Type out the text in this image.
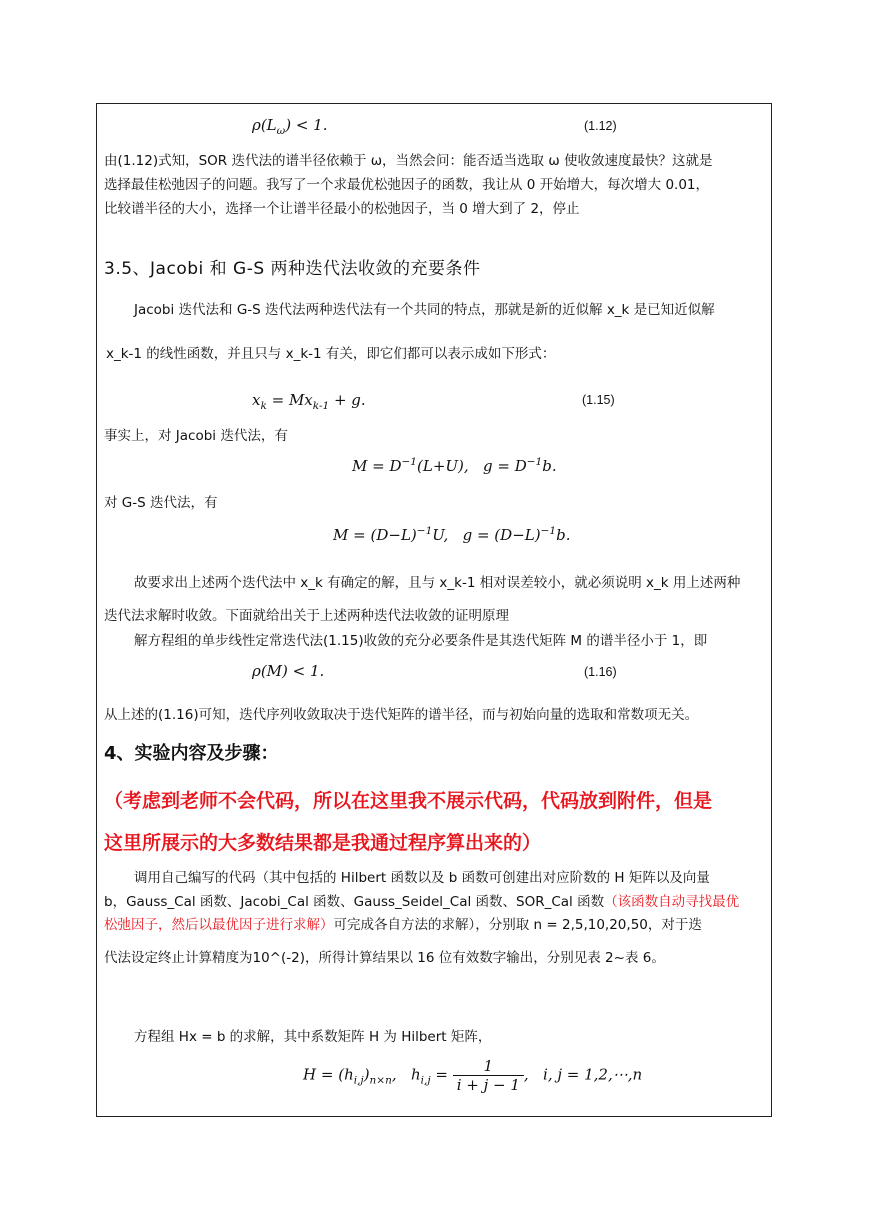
$\rho(L_\omega) < 1$.	(1.12)
由(1.12)式知，SOR 迭代法的谱半径依赖于 ω，当然会问：能否适当选取 ω 使收敛速度最快？这就是
选择最佳松弛因子的问题。我写了一个求最优松弛因子的函数，我让从 0 开始增大，每次增大 0.01，
比较谱半径的大小，选择一个让谱半径最小的松弛因子，当 0 增大到了 2，停止
3.5、Jacobi 和 G-S 两种迭代法收敛的充要条件
Jacobi 迭代法和 G-S 迭代法两种迭代法有一个共同的特点，那就是新的近似解 x_k 是已知近似解
x_k-1 的线性函数，并且只与 x_k-1 有关，即它们都可以表示成如下形式：
$x_k = Mx_{k-1} + g$.	(1.15)
事实上，对 Jacobi 迭代法，有
$M = D^{-1}(L+U)$,   $g = D^{-1}b$.
对 G-S 迭代法，有
$M = (D-L)^{-1}U$,   $g = (D-L)^{-1}b$.
故要求出上述两个迭代法中 x_k 有确定的解，且与 x_k-1 相对误差较小，就必须说明 x_k 用上述两种
迭代法求解时收敛。下面就给出关于上述两种迭代法收敛的证明原理
解方程组的单步线性定常迭代法(1.15)收敛的充分必要条件是其迭代矩阵 M 的谱半径小于 1，即
ρ(M) < 1.	(1.16)
从上述的(1.16)可知，迭代序列收敛取决于迭代矩阵的谱半径，而与初始向量的选取和常数项无关。
4、实验内容及步骤：
（考虑到老师不会代码，所以在这里我不展示代码，代码放到附件，但是
这里所展示的大多数结果都是我通过程序算出来的）
调用自己编写的代码（其中包括的 Hilbert 函数以及 b 函数可创建出对应阶数的 H 矩阵以及向量
b，Gauss_Cal 函数、Jacobi_Cal 函数、Gauss_Seidel_Cal 函数、SOR_Cal 函数（该函数自动寻找最优
松弛因子，然后以最优因子进行求解）可完成各自方法的求解），分别取 n = 2,5,10,20,50，对于迭
代法设定终止计算精度为10^(-2)，所得计算结果以 16 位有效数字输出，分别见表 2~表 6。
方程组 Hx = b 的求解，其中系数矩阵 H 为 Hilbert 矩阵，
$H = (h_{i,j})_{n\times n}$,   $h_{i,j} = \frac{1}{i + j - 1}$ ,   i, j = 1,2,⋯,n
